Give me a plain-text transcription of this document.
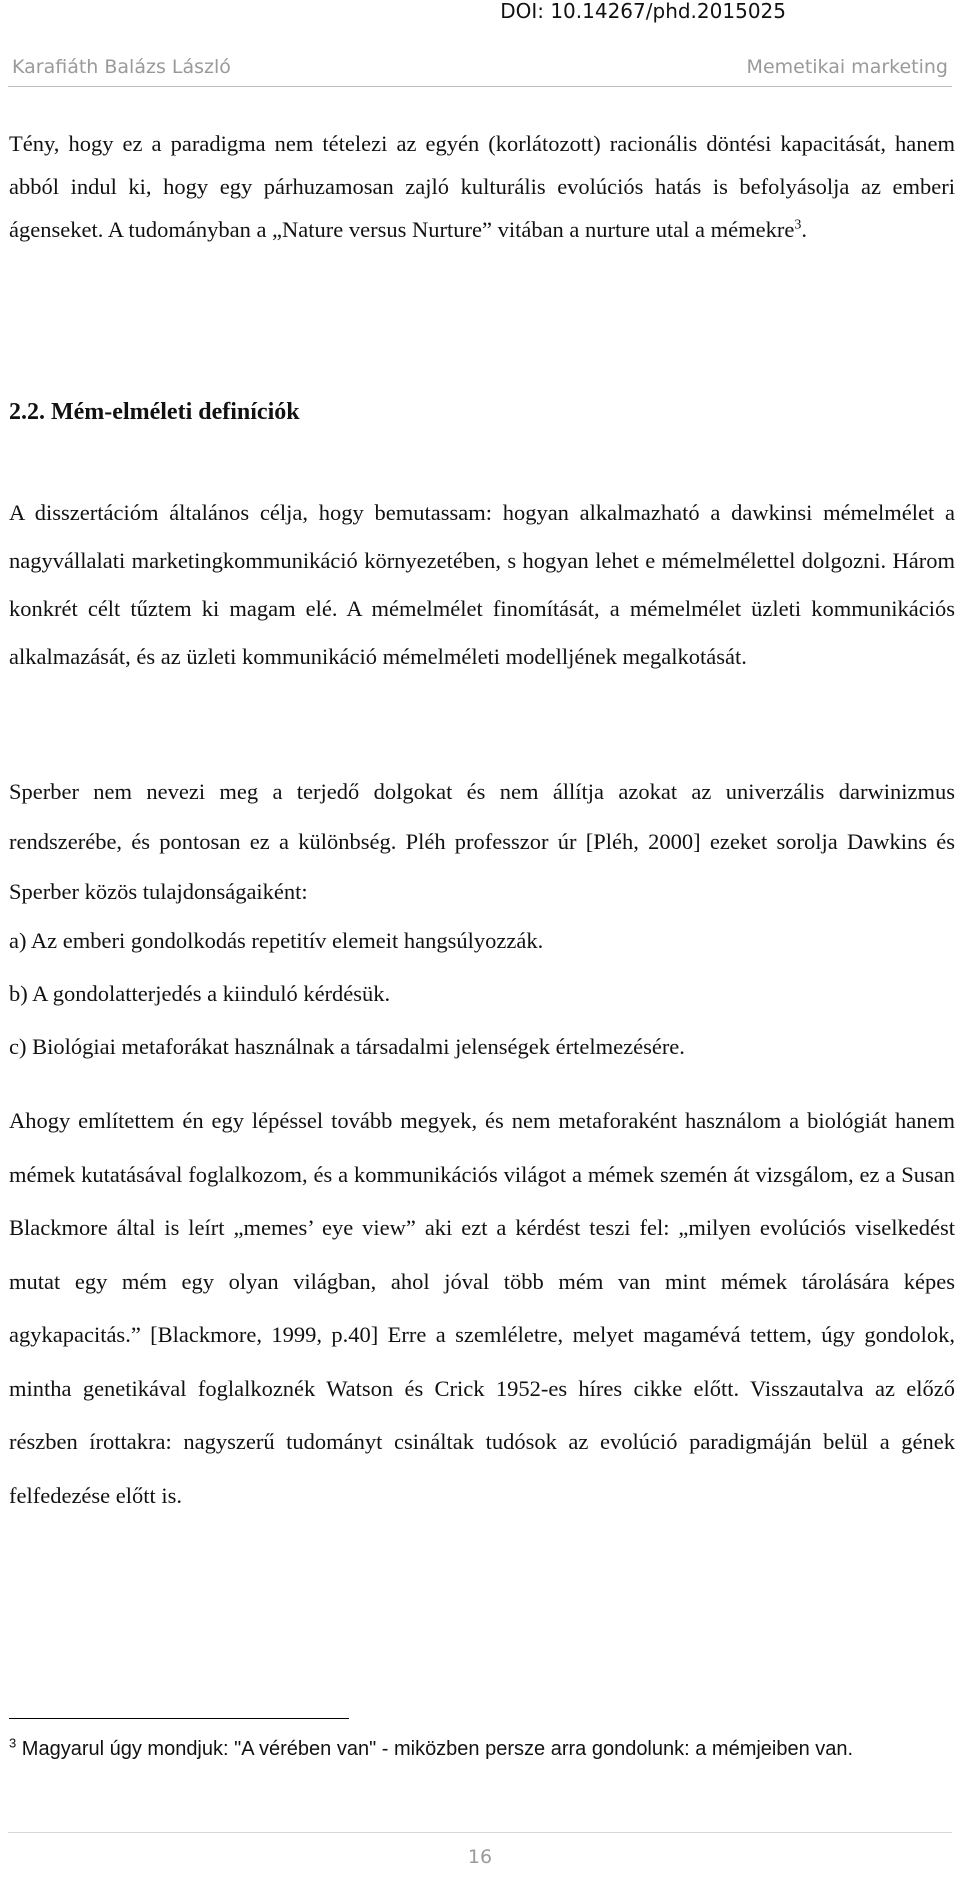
DOI: 10.14267/phd.2015025
Karafiáth Balázs László	Memetikai marketing

Tény, hogy ez a paradigma nem tételezi az egyén (korlátozott) racionális döntési kapacitását, hanem abból indul ki, hogy egy párhuzamosan zajló kulturális evolúciós hatás is befolyásolja az emberi ágenseket. A tudományban a „Nature versus Nurture” vitában a nurture utal a mémekre$^3$.

2.2. Mém-elméleti definíciók

A disszertációm általános célja, hogy bemutassam: hogyan alkalmazható a dawkinsi mémelmélet a nagyvállalati marketingkommunikáció környezetében, s hogyan lehet e mémelmélettel dolgozni. Három konkrét célt tűztem ki magam elé. A mémelmélet finomítását, a mémelmélet üzleti kommunikációs alkalmazását, és az üzleti kommunikáció mémelméleti modelljének megalkotását.

Sperber nem nevezi meg a terjedő dolgokat és nem állítja azokat az univerzális darwinizmus rendszerébe, és pontosan ez a különbség. Pléh professzor úr [Pléh, 2000] ezeket sorolja Dawkins és Sperber közös tulajdonságaiként:

a) Az emberi gondolkodás repetitív elemeit hangsúlyozzák.

b) A gondolatterjedés a kiinduló kérdésük.

c) Biológiai metaforákat használnak a társadalmi jelenségek értelmezésére.

Ahogy említettem én egy lépéssel tovább megyek, és nem metaforaként használom a biológiát hanem mémek kutatásával foglalkozom, és a kommunikációs világot a mémek szemén át vizsgálom, ez a Susan Blackmore által is leírt „memes’ eye view” aki ezt a kérdést teszi fel: „milyen evolúciós viselkedést mutat egy mém egy olyan világban, ahol jóval több mém van mint mémek tárolására képes agykapacitás.” [Blackmore, 1999, p.40] Erre a szemléletre, melyet magamévá tettem, úgy gondolok, mintha genetikával foglalkoznék Watson és Crick 1952-es híres cikke előtt. Visszautalva az előző részben írottakra: nagyszerű tudományt csináltak tudósok az evolúció paradigmáján belül a gének felfedezése előtt is.

$^3$ Magyarul úgy mondjuk: "A vérében van" - miközben persze arra gondolunk: a mémjeiben van.
16
